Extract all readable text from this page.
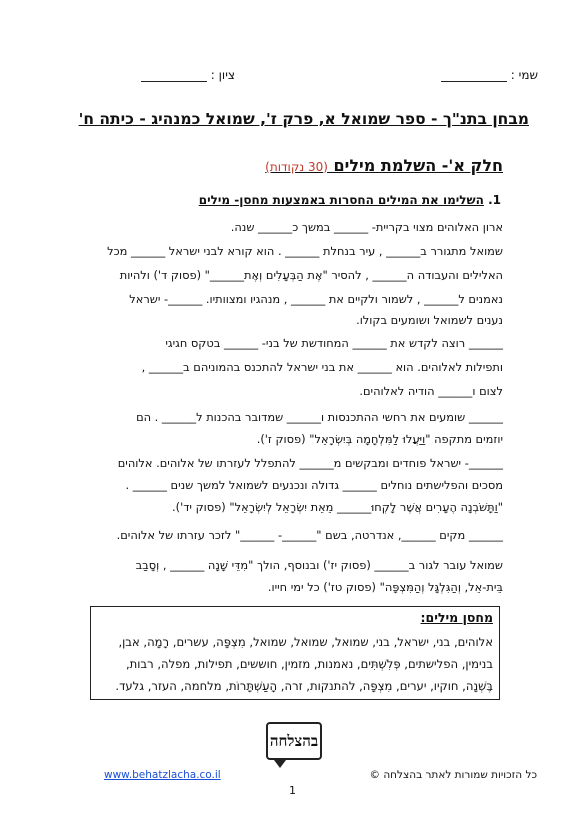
שמי :
ציון :
מבחן בתנ"ך - ספר שמואל א, פרק ז', שמואל כמנהיג - כיתה ח'
חלק א'- השלמת מילים (30 נקודות)
1. השלימו את המילים החסרות באמצעות מחסן- מילים
ארון האלוהים מצוי בקריית- ______ במשך כ______ שנה.
שמואל מתגורר ב______ , עיר בנחלת ______ . הוא קורא לבני ישראל ______ מכל
האלילים והעבודה ה______ , להסיר "אֶת הַבְּעָלִים וְאֶת______" (פסוק ד') ולהיות
נאמנים ל______ , לשמור ולקיים את ______ , מנהגיו ומצוותיו. ______- ישראל
נענים לשמואל ושומעים בקולו.
______ רוצה לקדש את ______ המחודשת של בני- ______ בטקס חגיגי
ותפילות לאלוהים. הוא ______ את בני ישראל להתכנס בהמוניהם ב______ ,
לצום ו______ הודיה לאלוהים.
______ שומעים את רחשי ההתכנסות ו______ שמדובר בהכנות ל______ . הם
יוזמים מתקפה "וַיַּעֲלוּ לַמִּלְחָמָה בְּיִשְׂרָאֵל" (פסוק ז').
______- ישראל פוחדים ומבקשים מ______ להתפלל לעזרתו של אלוהים. אלוהים
מסכים והפלישתים נוחלים ______ גדולה ונכנעים לשמואל למשך שנים ______ .
"וַתָּשֹׁבְנָה הֶעָרִים אֲשֶׁר לָקְחוּ______ מֵאֵת יִשְׂרָאֵל לְיִשְׂרָאֵל" (פסוק יד').
______ מקים ______, אנדרטה, בשם "______- ______" לזכר עזרתו של אלוהים.
שמואל עובר לגור ב______ (פסוק יז') ובנוסף, הולך "מִדֵּי שָׁנָה ______ , וְסָבַב
בֵּית-אֵל, וְהַגִּלְגָּל וְהַמִּצְפָּה" (פסוק טז') כל ימי חייו.
מחסן מילים:
אלוהים, בני, ישראל, בני, שמואל, שמואל, שמואל, מִצְפָּה, עשרים, רָמָה, אבן,
בנימין, הפלישתים, פְּלִשְׁתִּים, נאמנות, מזמין, חוששים, תפילות, מפלה, רבות,
בֶּשְׁנָה, חוקיו, יערים, מִצְפָּה, להתנקות, זרה, הָעַשְׁתָּרוֹת, מלחמה, העזר, גלעד.
בהצלחה
www.behatzlacha.co.il	כל הזכויות שמורות לאתר בהצלחה ©
1
